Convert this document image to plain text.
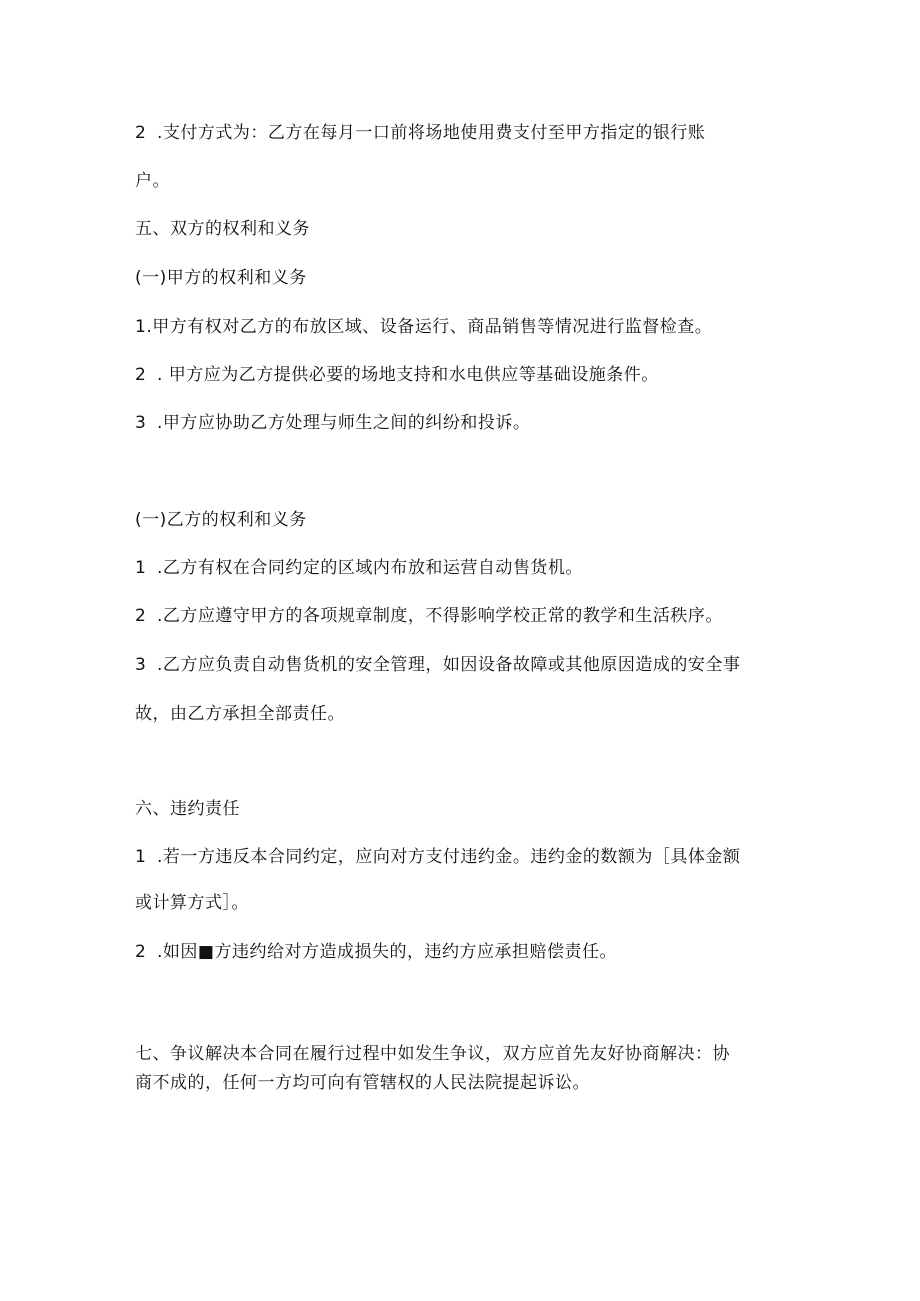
2 .支付方式为：乙方在每月一口前将场地使用费支付至甲方指定的银行账
户。
五、双方的权利和义务
(一)甲方的权利和义务
1.甲方有权对乙方的布放区域、设备运行、商品销售等情况进行监督检查。
2 . 甲方应为乙方提供必要的场地支持和水电供应等基础设施条件。
3 .甲方应协助乙方处理与师生之间的纠纷和投诉。
(一)乙方的权利和义务
1 .乙方有权在合同约定的区域内布放和运营自动售货机。
2 .乙方应遵守甲方的各项规章制度，不得影响学校正常的教学和生活秩序。
3 .乙方应负责自动售货机的安全管理，如因设备故障或其他原因造成的安全事
故，由乙方承担全部责任。
六、违约责任
1 .若一方违反本合同约定，应向对方支付违约金。违约金的数额为［具体金额
或计算方式］。
2 .如因■方违约给对方造成损失的，违约方应承担赔偿责任。
七、争议解决本合同在履行过程中如发生争议，双方应首先友好协商解决：协
商不成的，任何一方均可向有管辖权的人民法院提起诉讼。
